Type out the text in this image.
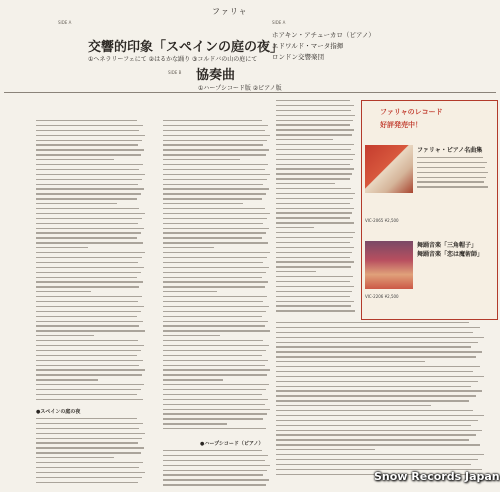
ファリャ
SIDE A	SIDE A
交響的印象「スペインの庭の夜」
①ヘネラリーフェにて ②はるかな踊り ③コルドバの山の庭にて
SIDE B 協奏曲
①ハープシコード版 ②ピアノ版
ホアキン・アチューカロ（ピアノ）
エドワルド・マータ指揮
ロンドン交響楽団
●スペインの庭の夜
●ハープシコード（ピアノ）
ファリャのレコード
好評発売中！
ファリャ・ピアノ名曲集
VIC-2065 ¥2,500
舞踊音楽「三角帽子」
舞踊音楽「恋は魔術師」
VIC-2206 ¥2,500
Snow Records Japan
